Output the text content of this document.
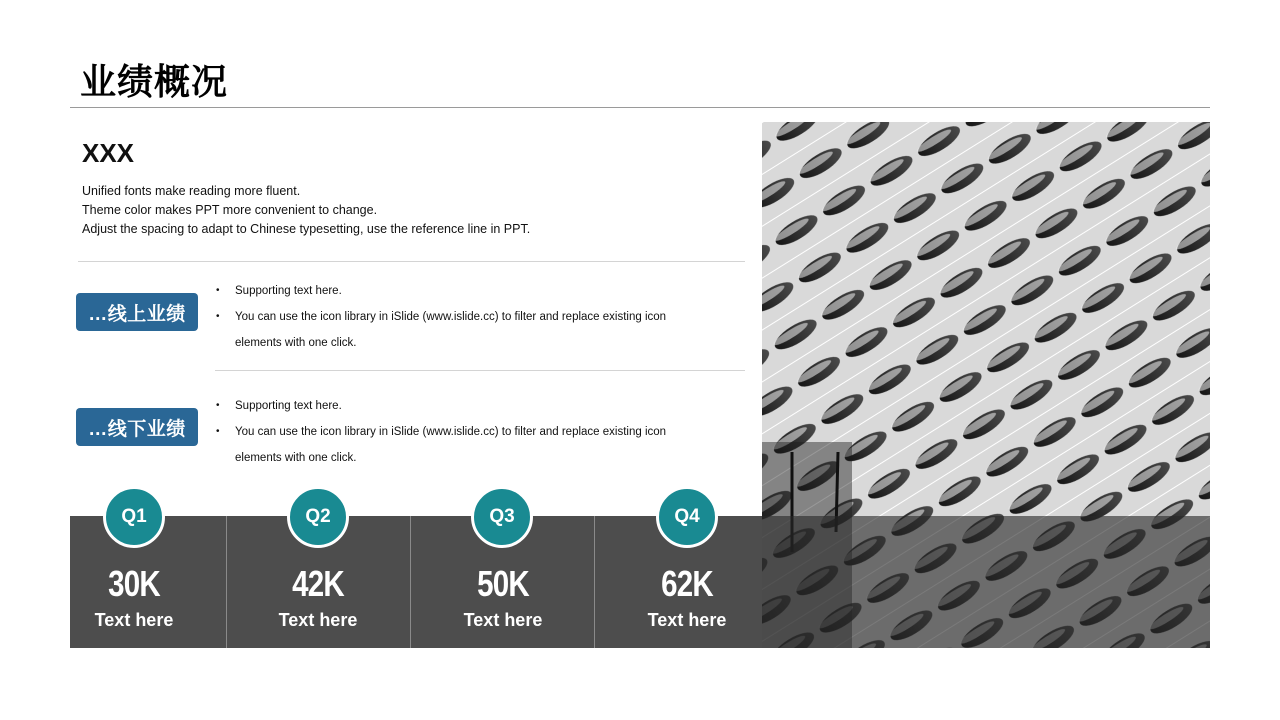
业绩概况
XXX
Unified fonts make reading more fluent.
Theme color makes PPT more convenient to change.
Adjust the spacing to adapt to Chinese typesetting, use the reference line in PPT.
…线上业绩
• Supporting text here.
• You can use the icon library in iSlide (www.islide.cc) to filter and replace existing icon
elements with one click.
…线下业绩
• Supporting text here.
• You can use the icon library in iSlide (www.islide.cc) to filter and replace existing icon
elements with one click.
Q1
30K
Text here
Q2
42K
Text here
Q3
50K
Text here
Q4
62K
Text here
